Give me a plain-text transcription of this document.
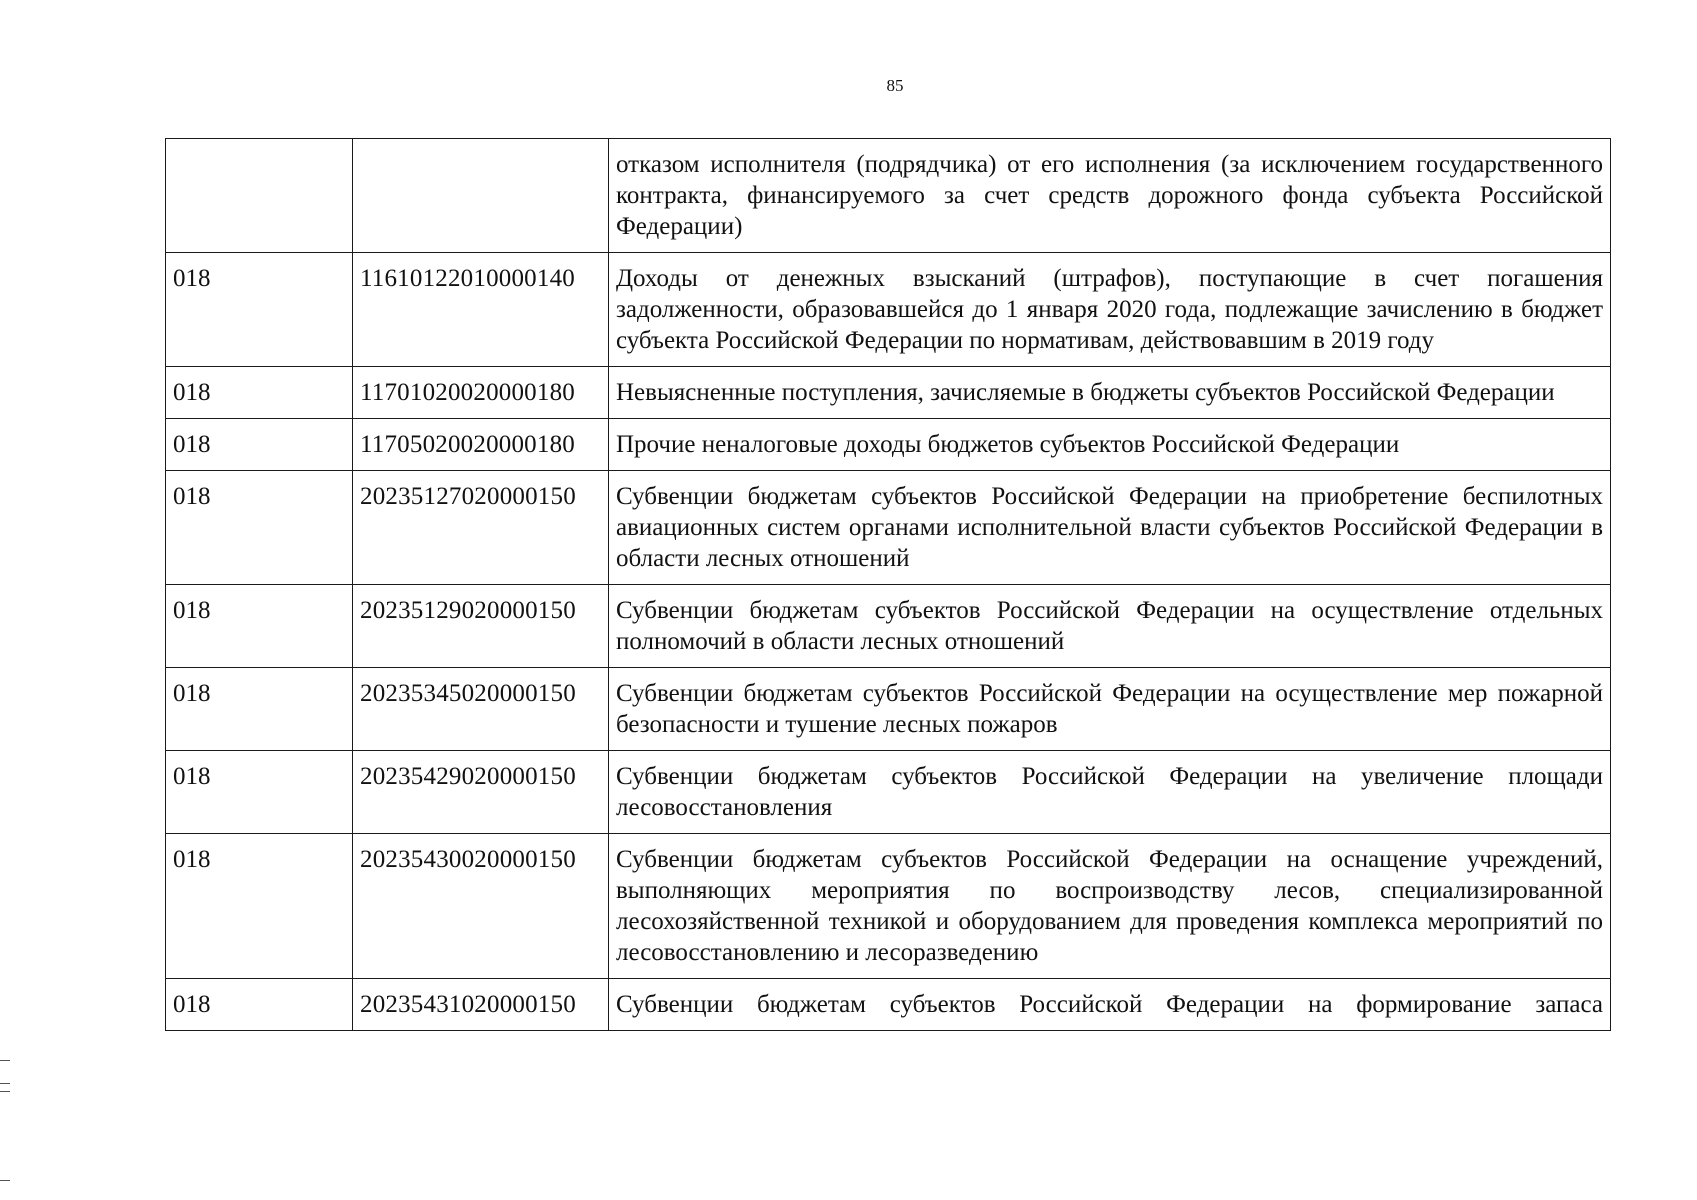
85
		отказом исполнителя (подрядчика) от его исполнения (за исключением государственного контракта, финансируемого за счет средств дорожного фонда субъекта Российской Федерации)
018	11610122010000140	Доходы от денежных взысканий (штрафов), поступающие в счет погашения задолженности, образовавшейся до 1 января 2020 года, подлежащие зачислению в бюджет субъекта Российской Федерации по нормативам, действовавшим в 2019 году
018	11701020020000180	Невыясненные поступления, зачисляемые в бюджеты субъектов Российской Федерации
018	11705020020000180	Прочие неналоговые доходы бюджетов субъектов Российской Федерации
018	20235127020000150	Субвенции бюджетам субъектов Российской Федерации на приобретение беспилотных авиационных систем органами исполнительной власти субъектов Российской Федерации в области лесных отношений
018	20235129020000150	Субвенции бюджетам субъектов Российской Федерации на осуществление отдельных полномочий в области лесных отношений
018	20235345020000150	Субвенции бюджетам субъектов Российской Федерации на осуществление мер пожарной безопасности и тушение лесных пожаров
018	20235429020000150	Субвенции бюджетам субъектов Российской Федерации на увеличение площади лесовосстановления
018	20235430020000150	Субвенции бюджетам субъектов Российской Федерации на оснащение учреждений, выполняющих мероприятия по воспроизводству лесов, специализированной лесохозяйственной техникой и оборудованием для проведения комплекса мероприятий по лесовосстановлению и лесоразведению
018	20235431020000150	Субвенции бюджетам субъектов Российской Федерации на формирование запаса
